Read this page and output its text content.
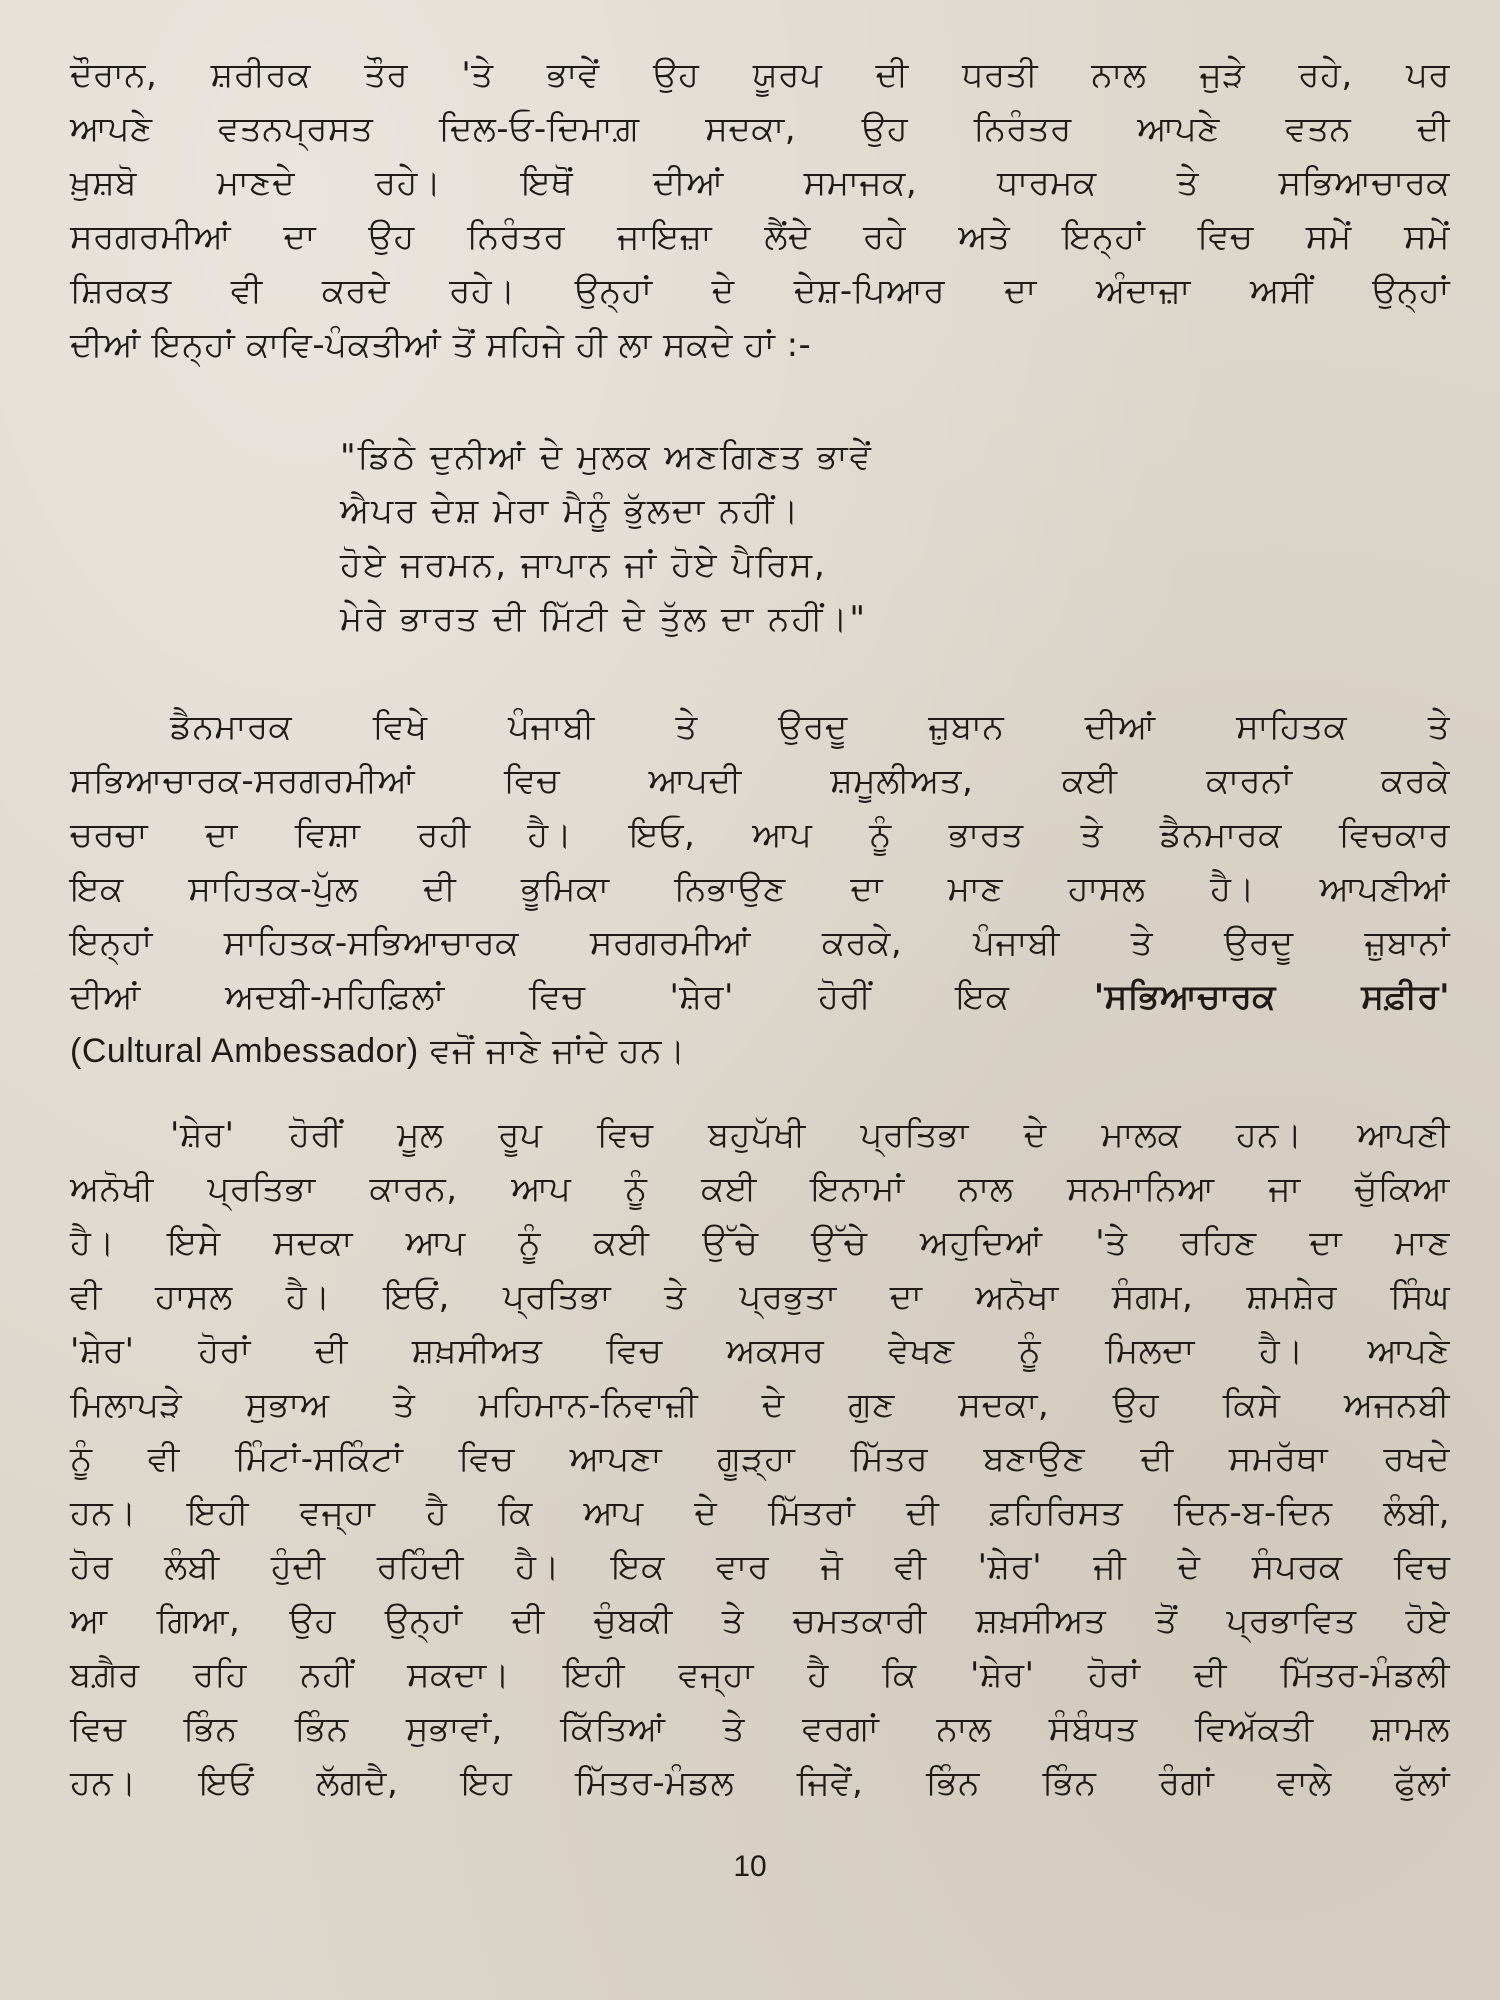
ਦੌਰਾਨ, ਸ਼ਰੀਰਕ ਤੌਰ 'ਤੇ ਭਾਵੇਂ ਉਹ ਯੂਰਪ ਦੀ ਧਰਤੀ ਨਾਲ ਜੁੜੇ ਰਹੇ, ਪਰ
ਆਪਣੇ ਵਤਨਪ੍ਰਸਤ ਦਿਲ-ਓ-ਦਿਮਾਗ਼ ਸਦਕਾ, ਉਹ ਨਿਰੰਤਰ ਆਪਣੇ ਵਤਨ ਦੀ
ਖ਼ੁਸ਼ਬੋ ਮਾਣਦੇ ਰਹੇ। ਇਥੋਂ ਦੀਆਂ ਸਮਾਜਕ, ਧਾਰਮਕ ਤੇ ਸਭਿਆਚਾਰਕ
ਸਰਗਰਮੀਆਂ ਦਾ ਉਹ ਨਿਰੰਤਰ ਜਾਇਜ਼ਾ ਲੈਂਦੇ ਰਹੇ ਅਤੇ ਇਨ੍ਹਾਂ ਵਿਚ ਸਮੇਂ ਸਮੇਂ
ਸ਼ਿਰਕਤ ਵੀ ਕਰਦੇ ਰਹੇ। ਉਨ੍ਹਾਂ ਦੇ ਦੇਸ਼-ਪਿਆਰ ਦਾ ਅੰਦਾਜ਼ਾ ਅਸੀਂ ਉਨ੍ਹਾਂ
ਦੀਆਂ ਇਨ੍ਹਾਂ ਕਾਵਿ-ਪੰਕਤੀਆਂ ਤੋਂ ਸਹਿਜੇ ਹੀ ਲਾ ਸਕਦੇ ਹਾਂ :-
"ਡਿਠੇ ਦੁਨੀਆਂ ਦੇ ਮੁਲਕ ਅਣਗਿਣਤ ਭਾਵੇਂ
ਐਪਰ ਦੇਸ਼ ਮੇਰਾ ਮੈਨੂੰ ਭੁੱਲਦਾ ਨਹੀਂ।
ਹੋਏ ਜਰਮਨ, ਜਾਪਾਨ ਜਾਂ ਹੋਏ ਪੈਰਿਸ,
ਮੇਰੇ ਭਾਰਤ ਦੀ ਮਿੱਟੀ ਦੇ ਤੁੱਲ ਦਾ ਨਹੀਂ।"
ਡੈਨਮਾਰਕ ਵਿਖੇ ਪੰਜਾਬੀ ਤੇ ਉਰਦੂ ਜ਼ੁਬਾਨ ਦੀਆਂ ਸਾਹਿਤਕ ਤੇ
ਸਭਿਆਚਾਰਕ-ਸਰਗਰਮੀਆਂ ਵਿਚ ਆਪਦੀ ਸ਼ਮੂਲੀਅਤ, ਕਈ ਕਾਰਨਾਂ ਕਰਕੇ
ਚਰਚਾ ਦਾ ਵਿਸ਼ਾ ਰਹੀ ਹੈ। ਇਓ, ਆਪ ਨੂੰ ਭਾਰਤ ਤੇ ਡੈਨਮਾਰਕ ਵਿਚਕਾਰ
ਇਕ ਸਾਹਿਤਕ-ਪੁੱਲ ਦੀ ਭੂਮਿਕਾ ਨਿਭਾਉਣ ਦਾ ਮਾਣ ਹਾਸਲ ਹੈ। ਆਪਣੀਆਂ
ਇਨ੍ਹਾਂ ਸਾਹਿਤਕ-ਸਭਿਆਚਾਰਕ ਸਰਗਰਮੀਆਂ ਕਰਕੇ, ਪੰਜਾਬੀ ਤੇ ਉਰਦੂ ਜ਼ੁਬਾਨਾਂ
ਦੀਆਂ ਅਦਬੀ-ਮਹਿਫ਼ਿਲਾਂ ਵਿਚ 'ਸ਼ੇਰ' ਹੋਰੀਂ ਇਕ 'ਸਭਿਆਚਾਰਕ ਸਫ਼ੀਰ'
(Cultural Ambessador) ਵਜੋਂ ਜਾਣੇ ਜਾਂਦੇ ਹਨ।
'ਸ਼ੇਰ' ਹੋਰੀਂ ਮੂਲ ਰੂਪ ਵਿਚ ਬਹੁਪੱਖੀ ਪ੍ਰਤਿਭਾ ਦੇ ਮਾਲਕ ਹਨ। ਆਪਣੀ
ਅਨੋਖੀ ਪ੍ਰਤਿਭਾ ਕਾਰਨ, ਆਪ ਨੂੰ ਕਈ ਇਨਾਮਾਂ ਨਾਲ ਸਨਮਾਨਿਆ ਜਾ ਚੁੱਕਿਆ
ਹੈ। ਇਸੇ ਸਦਕਾ ਆਪ ਨੂੰ ਕਈ ਉੱਚੇ ਉੱਚੇ ਅਹੁਦਿਆਂ 'ਤੇ ਰਹਿਣ ਦਾ ਮਾਣ
ਵੀ ਹਾਸਲ ਹੈ। ਇਓਂ, ਪ੍ਰਤਿਭਾ ਤੇ ਪ੍ਰਭੁਤਾ ਦਾ ਅਨੋਖਾ ਸੰਗਮ, ਸ਼ਮਸ਼ੇਰ ਸਿੰਘ
'ਸ਼ੇਰ' ਹੋਰਾਂ ਦੀ ਸ਼ਖ਼ਸੀਅਤ ਵਿਚ ਅਕਸਰ ਵੇਖਣ ਨੂੰ ਮਿਲਦਾ ਹੈ। ਆਪਣੇ
ਮਿਲਾਪੜੇ ਸੁਭਾਅ ਤੇ ਮਹਿਮਾਨ-ਨਿਵਾਜ਼ੀ ਦੇ ਗੁਣ ਸਦਕਾ, ਉਹ ਕਿਸੇ ਅਜਨਬੀ
ਨੂੰ ਵੀ ਮਿੰਟਾਂ-ਸਕਿੰਟਾਂ ਵਿਚ ਆਪਣਾ ਗੂੜ੍ਹਾ ਮਿੱਤਰ ਬਣਾਉਣ ਦੀ ਸਮਰੱਥਾ ਰਖਦੇ
ਹਨ। ਇਹੀ ਵਜ੍ਹਾ ਹੈ ਕਿ ਆਪ ਦੇ ਮਿੱਤਰਾਂ ਦੀ ਫ਼ਹਿਰਿਸਤ ਦਿਨ-ਬ-ਦਿਨ ਲੰਬੀ,
ਹੋਰ ਲੰਬੀ ਹੁੰਦੀ ਰਹਿੰਦੀ ਹੈ। ਇਕ ਵਾਰ ਜੋ ਵੀ 'ਸ਼ੇਰ' ਜੀ ਦੇ ਸੰਪਰਕ ਵਿਚ
ਆ ਗਿਆ, ਉਹ ਉਨ੍ਹਾਂ ਦੀ ਚੁੰਬਕੀ ਤੇ ਚਮਤਕਾਰੀ ਸ਼ਖ਼ਸੀਅਤ ਤੋਂ ਪ੍ਰਭਾਵਿਤ ਹੋਏ
ਬਗ਼ੈਰ ਰਹਿ ਨਹੀਂ ਸਕਦਾ। ਇਹੀ ਵਜ੍ਹਾ ਹੈ ਕਿ 'ਸ਼ੇਰ' ਹੋਰਾਂ ਦੀ ਮਿੱਤਰ-ਮੰਡਲੀ
ਵਿਚ ਭਿੰਨ ਭਿੰਨ ਸੁਭਾਵਾਂ, ਕਿੱਤਿਆਂ ਤੇ ਵਰਗਾਂ ਨਾਲ ਸੰਬੰਧਤ ਵਿਅੱਕਤੀ ਸ਼ਾਮਲ
ਹਨ। ਇਓਂ ਲੱਗਦੈ, ਇਹ ਮਿੱਤਰ-ਮੰਡਲ ਜਿਵੇਂ, ਭਿੰਨ ਭਿੰਨ ਰੰਗਾਂ ਵਾਲੇ ਫੁੱਲਾਂ
10
